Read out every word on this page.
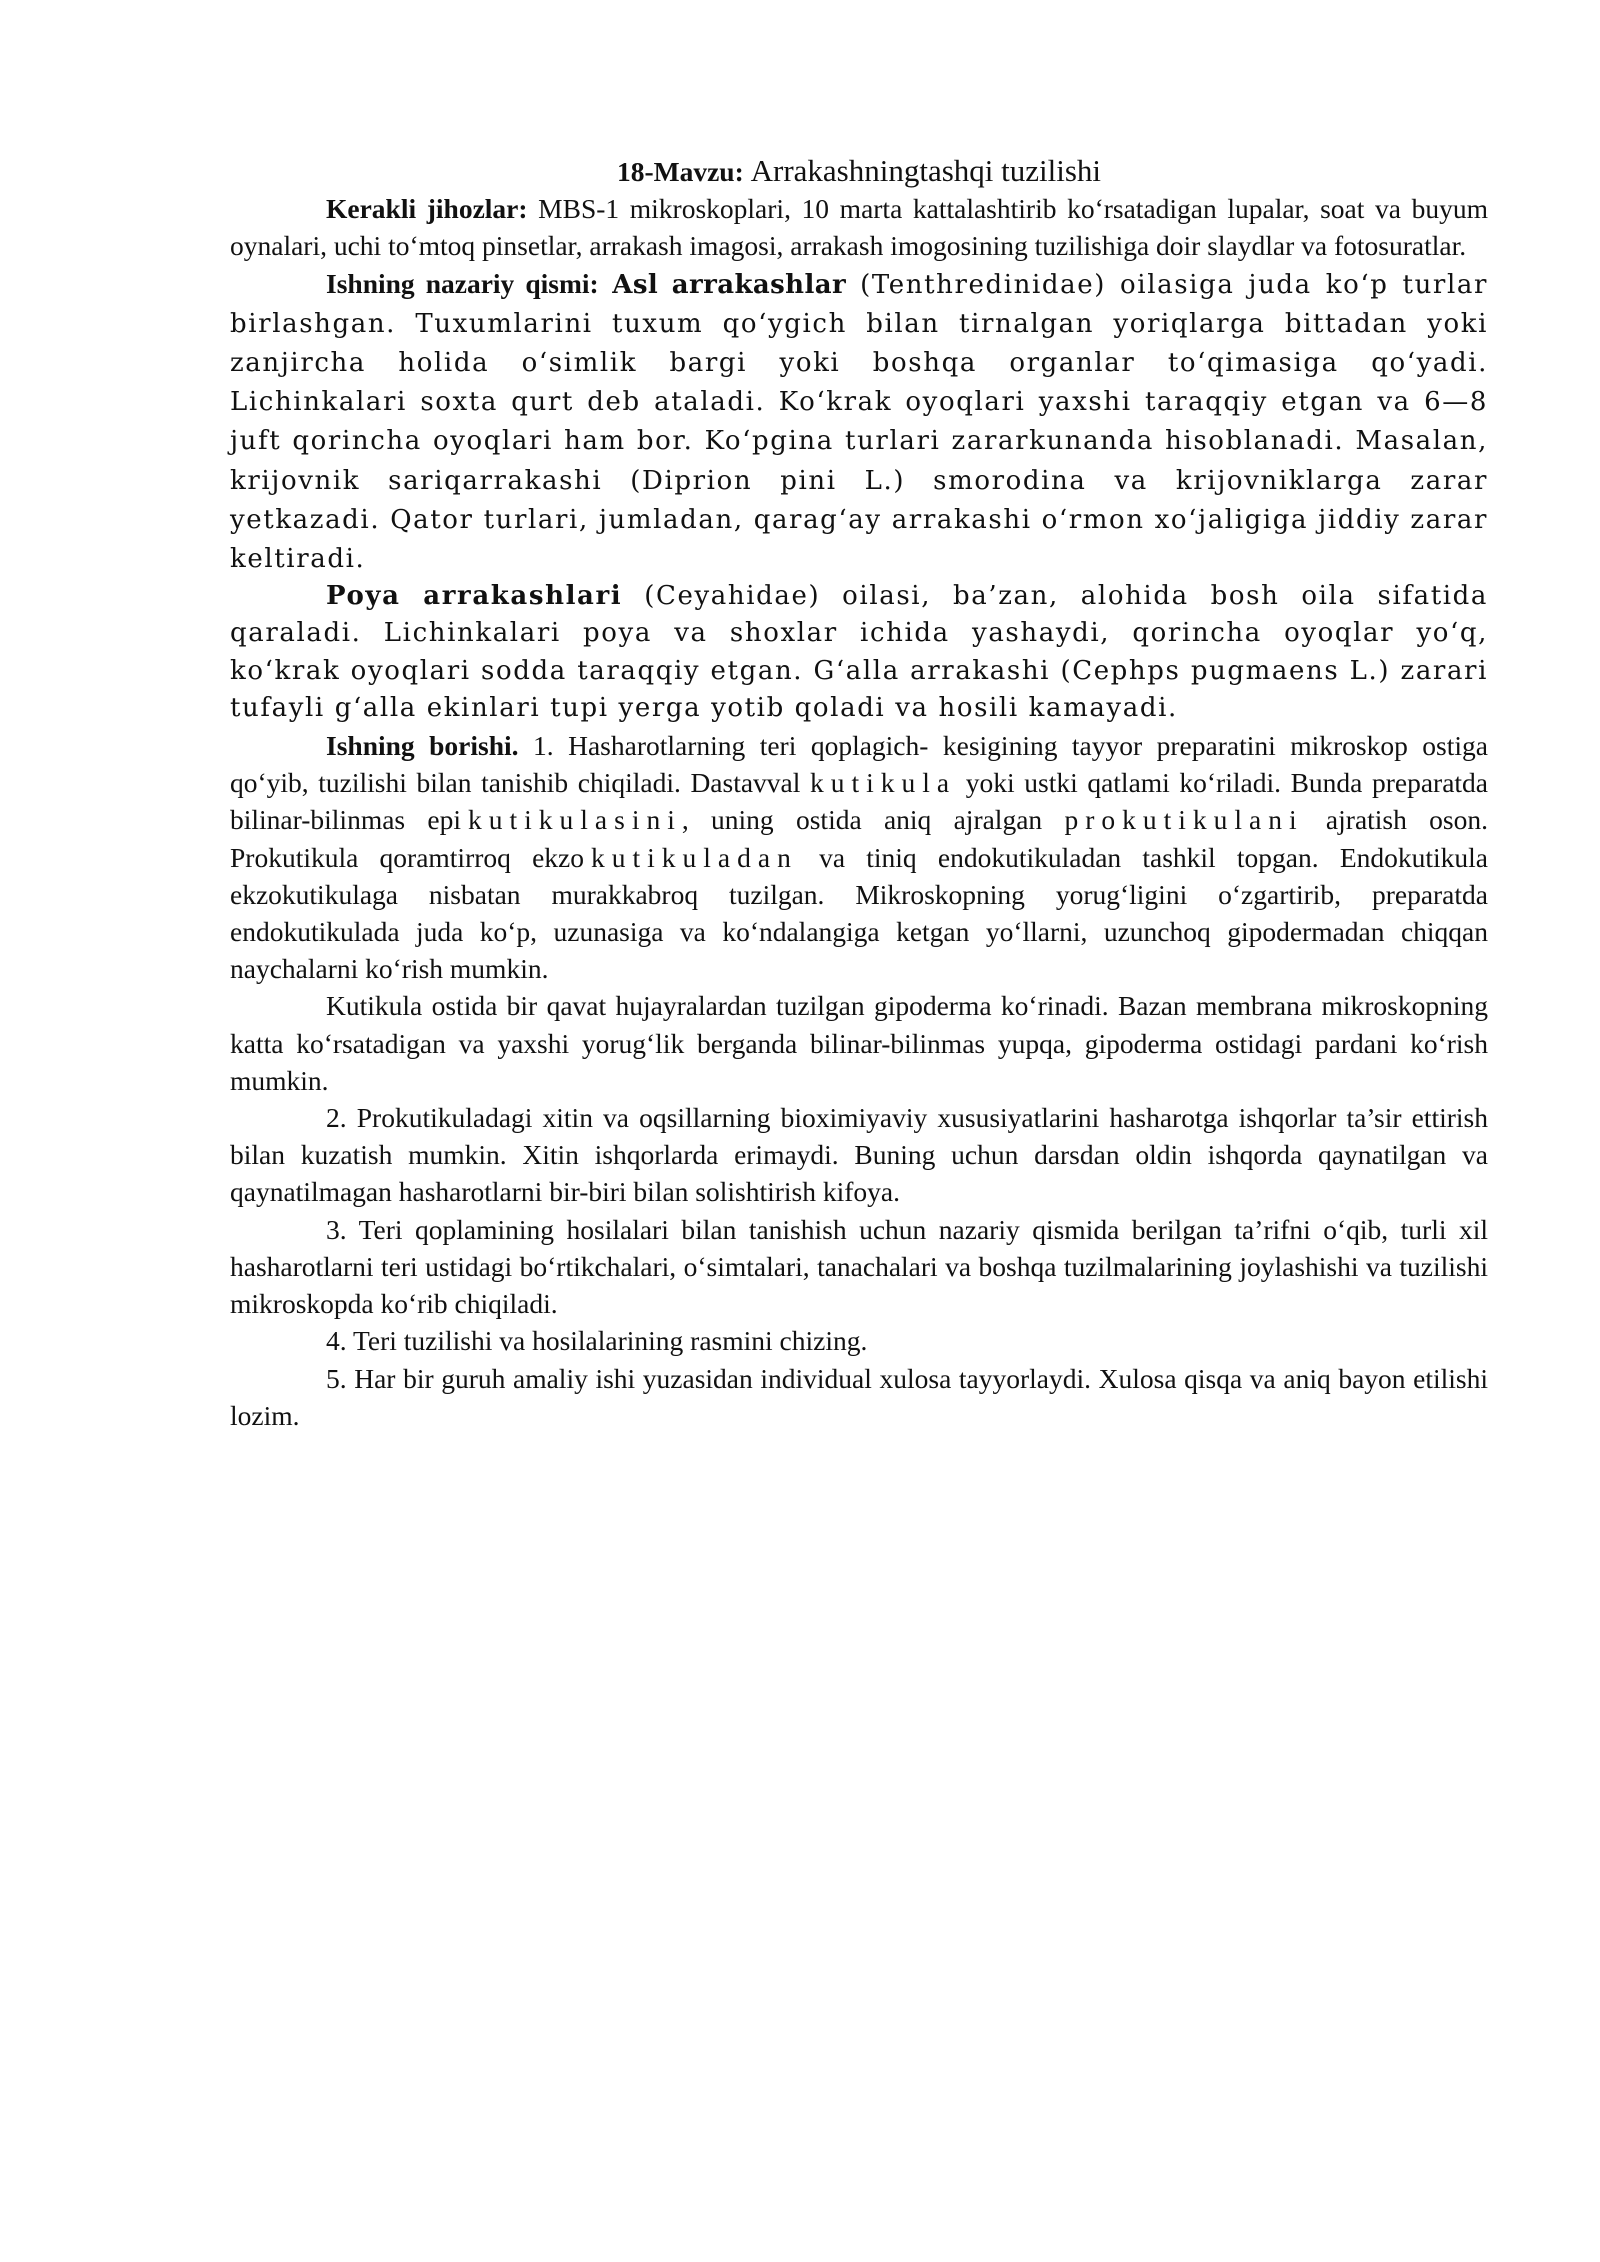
18-Mavzu: Arrakashningtashqi tuzilishi

Kerakli jihozlar: MBS-1 mikroskoplari, 10 marta kattalashtirib ko‘rsatadigan lupalar, soat va buyum oynalari, uchi to‘mtoq pinsetlar, arrakash imagosi, arrakash imogosining tuzilishiga doir slaydlar va fotosuratlar.

Ishning nazariy qismi: Asl arrakashlar (Tenthredinidae) oilasiga juda ko‘p turlar birlashgan. Tuxumlarini tuxum qo‘ygich bilan tirnalgan yoriqlarga bittadan yoki zanjircha holida o‘simlik bargi yoki boshqa organlar to‘qimasiga qo‘yadi. Lichinkalari soxta qurt deb ataladi. Ko‘krak oyoqlari yaxshi taraqqiy etgan va 6—8 juft qorincha oyoqlari ham bor. Ko‘pgina turlari zararkunanda hisoblanadi. Masalan, krijovnik sariqarrakashi (Diprion pini L.) smorodina va krijovniklarga zarar yetkazadi. Qator turlari, jumladan, qarag‘ay arrakashi o‘rmon xo‘jaligiga jiddiy zarar keltiradi.

Poya arrakashlari (Ceyahidae) oilasi, ba’zan, alohida bosh oila sifatida qaraladi. Lichinkalari poya va shoxlar ichida yashaydi, qorincha oyoqlar yo‘q, ko‘krak oyoqlari sodda taraqqiy etgan. G‘alla arrakashi (Cephps pugmaens L.) zarari tufayli g‘alla ekinlari tupi yerga yotib qoladi va hosili kamayadi.

Ishning borishi. 1. Hasharotlarning teri qoplagich- kesigining tayyor preparatini mikroskop ostiga qo‘yib, tuzilishi bilan tanishib chiqiladi. Dastavval kutikula yoki ustki qatlami ko‘riladi. Bunda preparatda bilinar-bilinmas epikutikulasini, uning ostida aniq ajralgan prokutikulani ajratish oson. Prokutikula qoramtirroq ekzokutikuladan va tiniq endokutikuladan tashkil topgan. Endokutikula ekzokutikulaga nisbatan murakkabroq tuzilgan. Mikroskopning yorug‘ligini o‘zgartirib, preparatda endokutikulada juda ko‘p, uzunasiga va ko‘ndalangiga ketgan yo‘llarni, uzunchoq gipodermadan chiqqan naychalarni ko‘rish mumkin.

Kutikula ostida bir qavat hujayralardan tuzilgan gipoderma ko‘rinadi. Bazan membrana mikroskopning katta ko‘rsatadigan va yaxshi yorug‘lik berganda bilinar-bilinmas yupqa, gipoderma ostidagi pardani ko‘rish mumkin.

2. Prokutikuladagi xitin va oqsillarning bioximiyaviy xususiyatlarini hasharotga ishqorlar ta’sir ettirish bilan kuzatish mumkin. Xitin ishqorlarda erimaydi. Buning uchun darsdan oldin ishqorda qaynatilgan va qaynatilmagan hasharotlarni bir-biri bilan solishtirish kifoya.

3. Teri qoplamining hosilalari bilan tanishish uchun nazariy qismida berilgan ta’rifni o‘qib, turli xil hasharotlarni teri ustidagi bo‘rtikchalari, o‘simtalari, tanachalari va boshqa tuzilmalarining joylashishi va tuzilishi mikroskopda ko‘rib chiqiladi.

4. Teri tuzilishi va hosilalarining rasmini chizing.

5. Har bir guruh amaliy ishi yuzasidan individual xulosa tayyorlaydi. Xulosa qisqa va aniq bayon etilishi lozim.
